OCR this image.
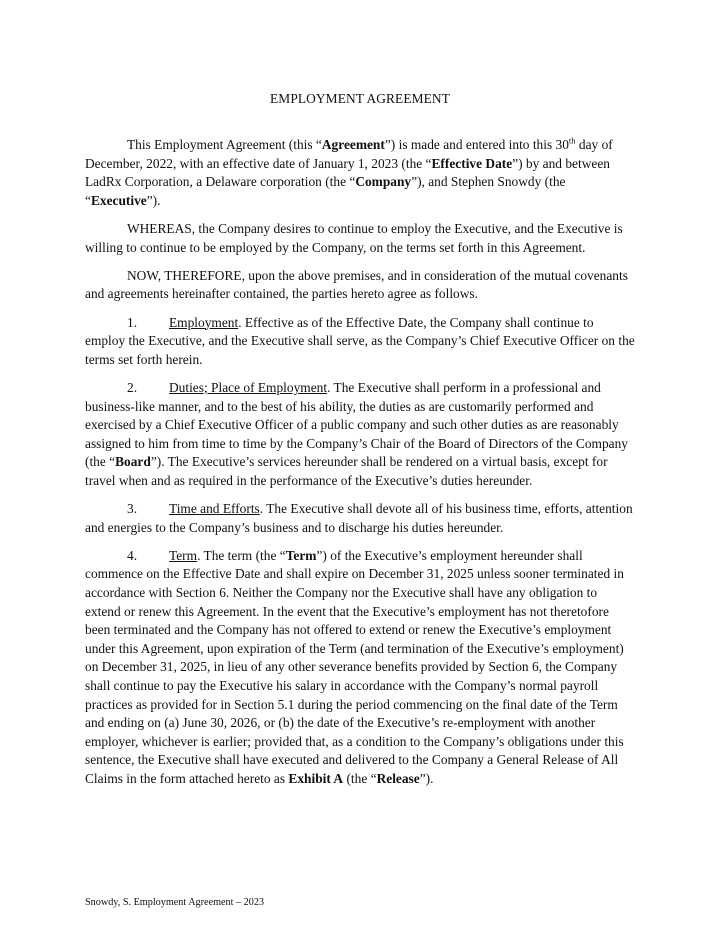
EMPLOYMENT AGREEMENT

This Employment Agreement (this “Agreement”) is made and entered into this 30th day of December, 2022, with an effective date of January 1, 2023 (the “Effective Date”) by and between LadRx Corporation, a Delaware corporation (the “Company”), and Stephen Snowdy (the “Executive”).

WHEREAS, the Company desires to continue to employ the Executive, and the Executive is willing to continue to be employed by the Company, on the terms set forth in this Agreement.

NOW, THEREFORE, upon the above premises, and in consideration of the mutual covenants and agreements hereinafter contained, the parties hereto agree as follows.

1. Employment. Effective as of the Effective Date, the Company shall continue to employ the Executive, and the Executive shall serve, as the Company’s Chief Executive Officer on the terms set forth herein.

2. Duties; Place of Employment. The Executive shall perform in a professional and business-like manner, and to the best of his ability, the duties as are customarily performed and exercised by a Chief Executive Officer of a public company and such other duties as are reasonably assigned to him from time to time by the Company’s Chair of the Board of Directors of the Company (the “Board”). The Executive’s services hereunder shall be rendered on a virtual basis, except for travel when and as required in the performance of the Executive’s duties hereunder.

3. Time and Efforts. The Executive shall devote all of his business time, efforts, attention and energies to the Company’s business and to discharge his duties hereunder.

4. Term. The term (the “Term”) of the Executive’s employment hereunder shall commence on the Effective Date and shall expire on December 31, 2025 unless sooner terminated in accordance with Section 6. Neither the Company nor the Executive shall have any obligation to extend or renew this Agreement. In the event that the Executive’s employment has not theretofore been terminated and the Company has not offered to extend or renew the Executive’s employment under this Agreement, upon expiration of the Term (and termination of the Executive’s employment) on December 31, 2025, in lieu of any other severance benefits provided by Section 6, the Company shall continue to pay the Executive his salary in accordance with the Company’s normal payroll practices as provided for in Section 5.1 during the period commencing on the final date of the Term and ending on (a) June 30, 2026, or (b) the date of the Executive’s re-employment with another employer, whichever is earlier; provided that, as a condition to the Company’s obligations under this sentence, the Executive shall have executed and delivered to the Company a General Release of All Claims in the form attached hereto as Exhibit A (the “Release”).

Snowdy, S. Employment Agreement – 2023
